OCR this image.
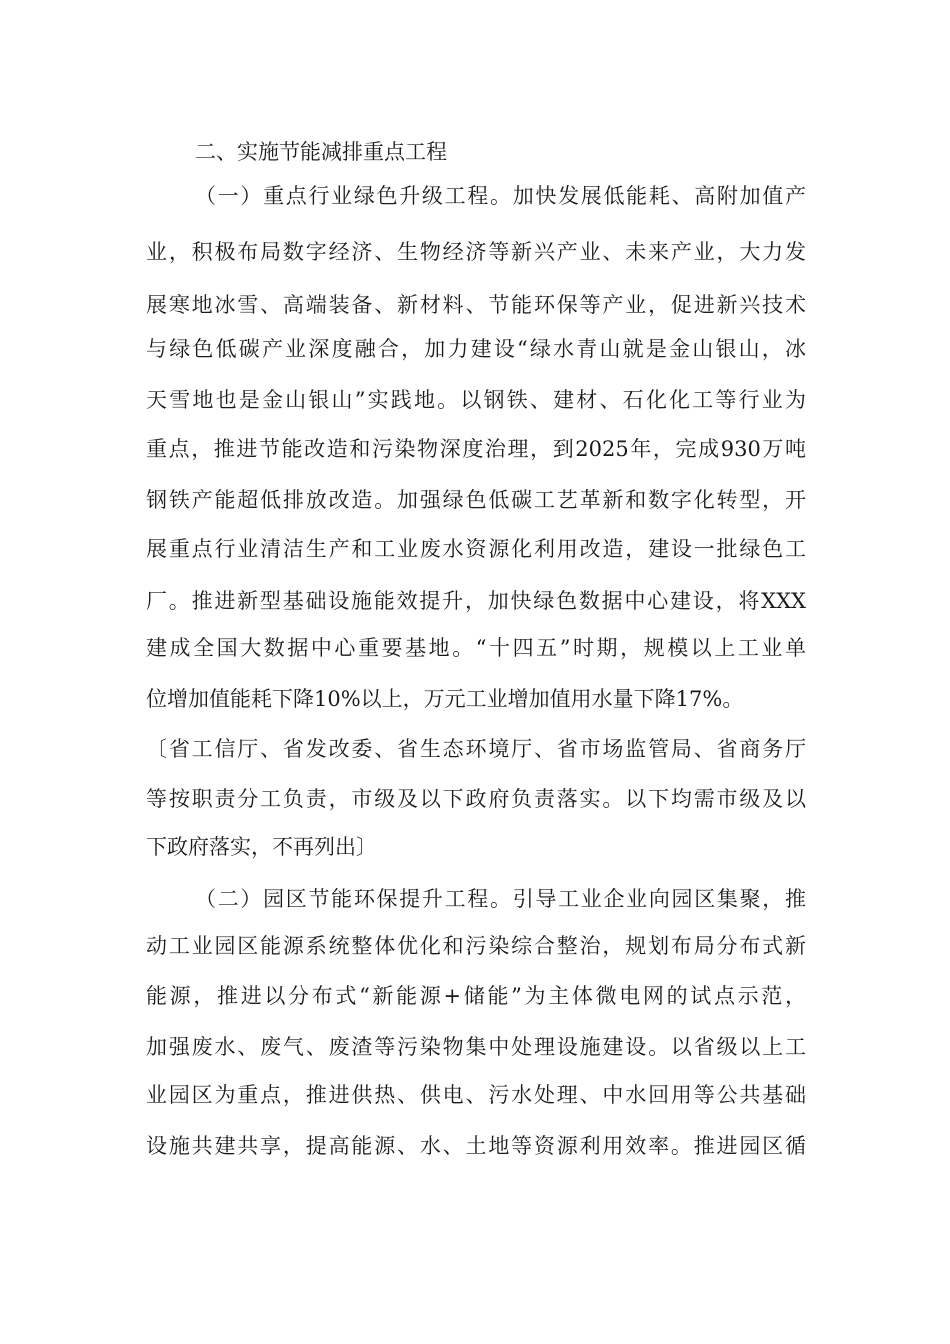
二、实施节能减排重点工程
（一）重点行业绿色升级工程。加快发展低能耗、高附加值产
业，积极布局数字经济、生物经济等新兴产业、未来产业，大力发
展寒地冰雪、高端装备、新材料、节能环保等产业，促进新兴技术
与绿色低碳产业深度融合，加力建设“绿水青山就是金山银山，冰
天雪地也是金山银山”实践地。以钢铁、建材、石化化工等行业为
重点，推进节能改造和污染物深度治理，到2025年，完成930万吨
钢铁产能超低排放改造。加强绿色低碳工艺革新和数字化转型，开
展重点行业清洁生产和工业废水资源化利用改造，建设一批绿色工
厂。推进新型基础设施能效提升，加快绿色数据中心建设，将XXX
建成全国大数据中心重要基地。“十四五”时期，规模以上工业单
位增加值能耗下降10%以上，万元工业增加值用水量下降17%。
〔省工信厅、省发改委、省生态环境厅、省市场监管局、省商务厅
等按职责分工负责，市级及以下政府负责落实。以下均需市级及以
下政府落实，不再列出〕
（二）园区节能环保提升工程。引导工业企业向园区集聚，推
动工业园区能源系统整体优化和污染综合整治，规划布局分布式新
能源，推进以分布式“新能源+储能”为主体微电网的试点示范，
加强废水、废气、废渣等污染物集中处理设施建设。以省级以上工
业园区为重点，推进供热、供电、污水处理、中水回用等公共基础
设施共建共享，提高能源、水、土地等资源利用效率。推进园区循
